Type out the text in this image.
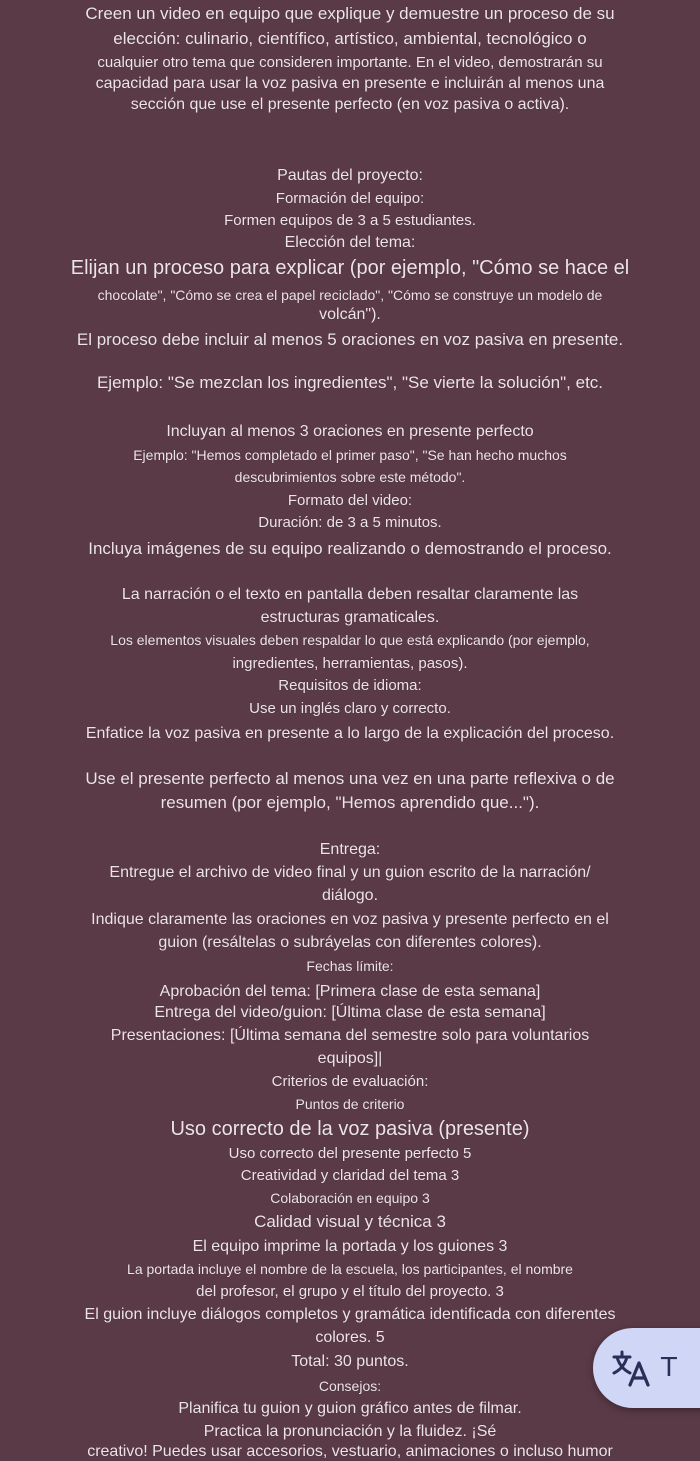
Creen un video en equipo que explique y demuestre un proceso de su
elección: culinario, científico, artístico, ambiental, tecnológico o
cualquier otro tema que consideren importante. En el video, demostrarán su
capacidad para usar la voz pasiva en presente e incluirán al menos una
sección que use el presente perfecto (en voz pasiva o activa).
Pautas del proyecto:
Formación del equipo:
Formen equipos de 3 a 5 estudiantes.
Elección del tema:
Elijan un proceso para explicar (por ejemplo, "Cómo se hace el
chocolate", "Cómo se crea el papel reciclado", "Cómo se construye un modelo de
volcán").
El proceso debe incluir al menos 5 oraciones en voz pasiva en presente.
Ejemplo: "Se mezclan los ingredientes", "Se vierte la solución", etc.
Incluyan al menos 3 oraciones en presente perfecto
Ejemplo: "Hemos completado el primer paso", "Se han hecho muchos
descubrimientos sobre este método".
Formato del video:
Duración: de 3 a 5 minutos.
Incluya imágenes de su equipo realizando o demostrando el proceso.
La narración o el texto en pantalla deben resaltar claramente las
estructuras gramaticales.
Los elementos visuales deben respaldar lo que está explicando (por ejemplo,
ingredientes, herramientas, pasos).
Requisitos de idioma:
Use un inglés claro y correcto.
Enfatice la voz pasiva en presente a lo largo de la explicación del proceso.
Use el presente perfecto al menos una vez en una parte reflexiva o de
resumen (por ejemplo, "Hemos aprendido que...").
Entrega:
Entregue el archivo de video final y un guion escrito de la narración/
diálogo.
Indique claramente las oraciones en voz pasiva y presente perfecto en el
guion (resáltelas o subráyelas con diferentes colores).
Fechas límite:
Aprobación del tema: [Primera clase de esta semana]
Entrega del video/guion: [Última clase de esta semana]
Presentaciones: [Última semana del semestre solo para voluntarios
equipos]|
Criterios de evaluación:
Puntos de criterio
Uso correcto de la voz pasiva (presente)
Uso correcto del presente perfecto 5
Creatividad y claridad del tema 3
Colaboración en equipo 3
Calidad visual y técnica 3
El equipo imprime la portada y los guiones 3
La portada incluye el nombre de la escuela, los participantes, el nombre
del profesor, el grupo y el título del proyecto. 3
El guion incluye diálogos completos y gramática identificada con diferentes
colores. 5
Total: 30 puntos.
Consejos:
Planifica tu guion y guion gráfico antes de filmar.
Practica la pronunciación y la fluidez. ¡Sé
creativo! Puedes usar accesorios, vestuario, animaciones o incluso humor
T
